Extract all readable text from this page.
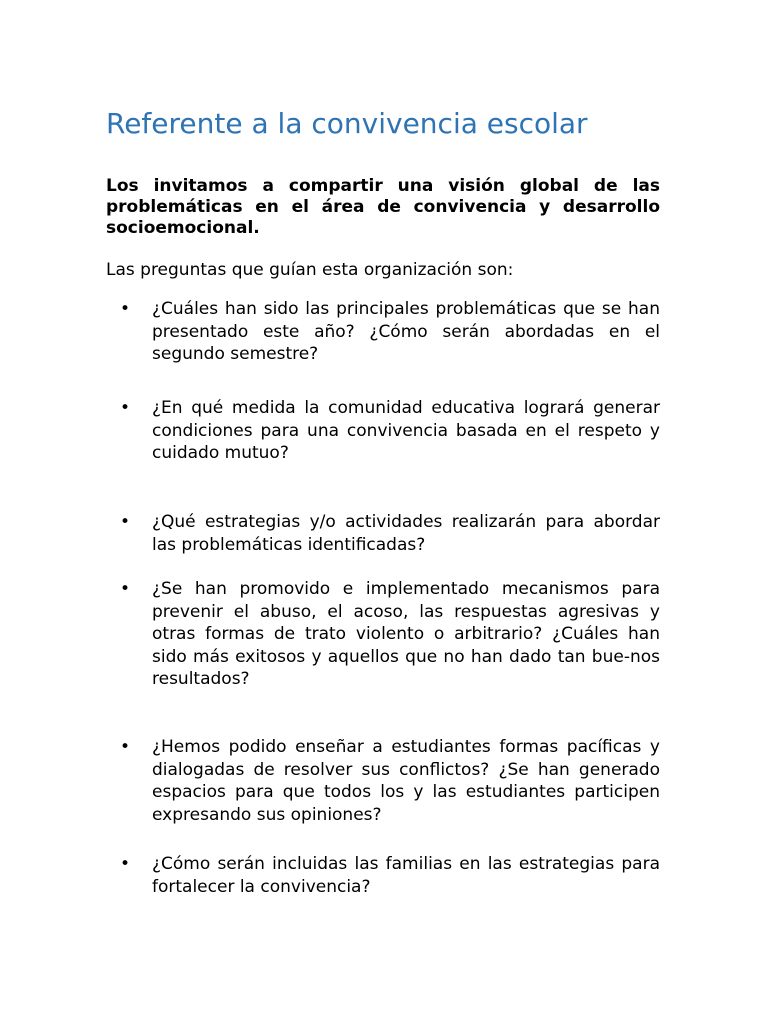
Referente a la convivencia escolar

Los invitamos a compartir una visión global de las problemáticas en el área de convivencia y desarrollo socioemocional.

Las preguntas que guían esta organización son:

• ¿Cuáles han sido las principales problemáticas que se han presentado este año? ¿Cómo serán abordadas en el segundo semestre?
• ¿En qué medida la comunidad educativa logrará generar condiciones para una convivencia basada en el respeto y cuidado mutuo?
• ¿Qué estrategias y/o actividades realizarán para abordar las problemáticas identificadas?
• ¿Se han promovido e implementado mecanismos para prevenir el abuso, el acoso, las respuestas agresivas y otras formas de trato violento o arbitrario? ¿Cuáles han sido más exitosos y aquellos que no han dado tan bue-nos resultados?
• ¿Hemos podido enseñar a estudiantes formas pacíficas y dialogadas de resolver sus conflictos? ¿Se han generado espacios para que todos los y las estudiantes participen expresando sus opiniones?
• ¿Cómo serán incluidas las familias en las estrategias para fortalecer la convivencia?
